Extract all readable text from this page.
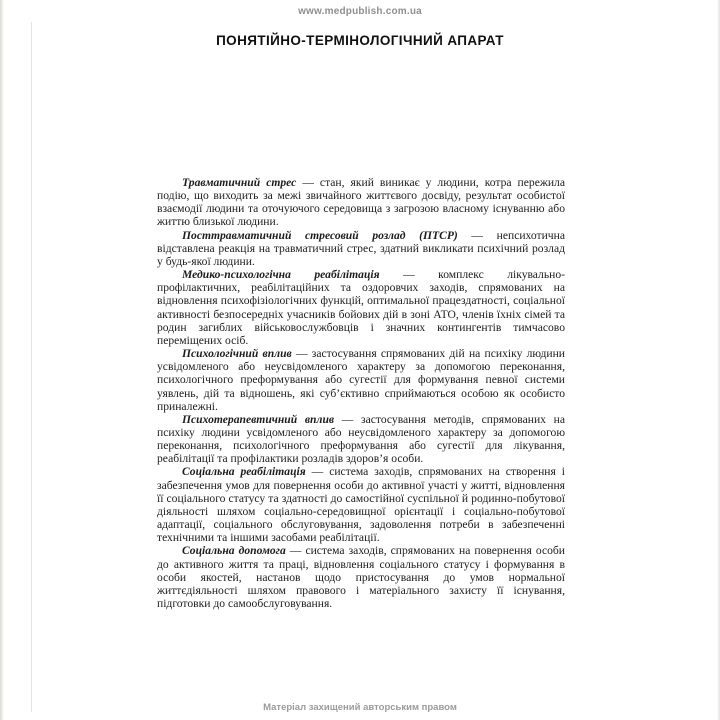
www.medpublish.com.ua
ПОНЯТІЙНО-ТЕРМІНОЛОГІЧНИЙ АПАРАТ

Травматичний стрес — стан, який виникає у людини, котра пережила подію, що виходить за межі звичайного життєвого досвіду, результат особистої взаємодії людини та оточуючого середовища з загрозою власному існуванню або життю близької людини.

Посттравматичний стресовий розлад (ПТСР) — непсихотична відставлена реакція на травматичний стрес, здатний викликати психічний розлад у будь-якої людини.

Медико-психологічна реабілітація — комплекс лікувально-профілактичних, реабілітаційних та оздоровчих заходів, спрямованих на відновлення психофізіологічних функцій, оптимальної працездатності, соціальної активності безпосередніх учасників бойових дій в зоні АТО, членів їхніх сімей та родин загиблих військовослужбовців і значних контингентів тимчасово переміщених осіб.

Психологічний вплив — застосування спрямованих дій на психіку людини усвідомленого або неусвідомленого характеру за допомогою переконання, психологічного преформування або сугестії для формування певної системи уявлень, дій та відношень, які суб’єктивно сприймаються особою як особисто приналежні.

Психотерапевтичний вплив — застосування методів, спрямованих на психіку людини усвідомленого або неусвідомленого характеру за допомогою переконання, психологічного преформування або сугестії для лікування, реабілітації та профілактики розладів здоров’я особи.

Соціальна реабілітація — система заходів, спрямованих на створення і забезпечення умов для повернення особи до активної участі у житті, відновлення її соціального статусу та здатності до самостійної суспільної й родинно-побутової діяльності шляхом соціально-середовищної орієнтації і соціально-побутової адаптації, соціального обслуговування, задоволення потреби в забезпеченні технічними та іншими засобами реабілітації.

Соціальна допомога — система заходів, спрямованих на повернення особи до активного життя та праці, відновлення соціального статусу і формування в особи якостей, настанов щодо пристосування до умов нормальної життєдіяльності шляхом правового і матеріального захисту її існування, підготовки до самообслуговування.

Матеріал захищений авторським правом
